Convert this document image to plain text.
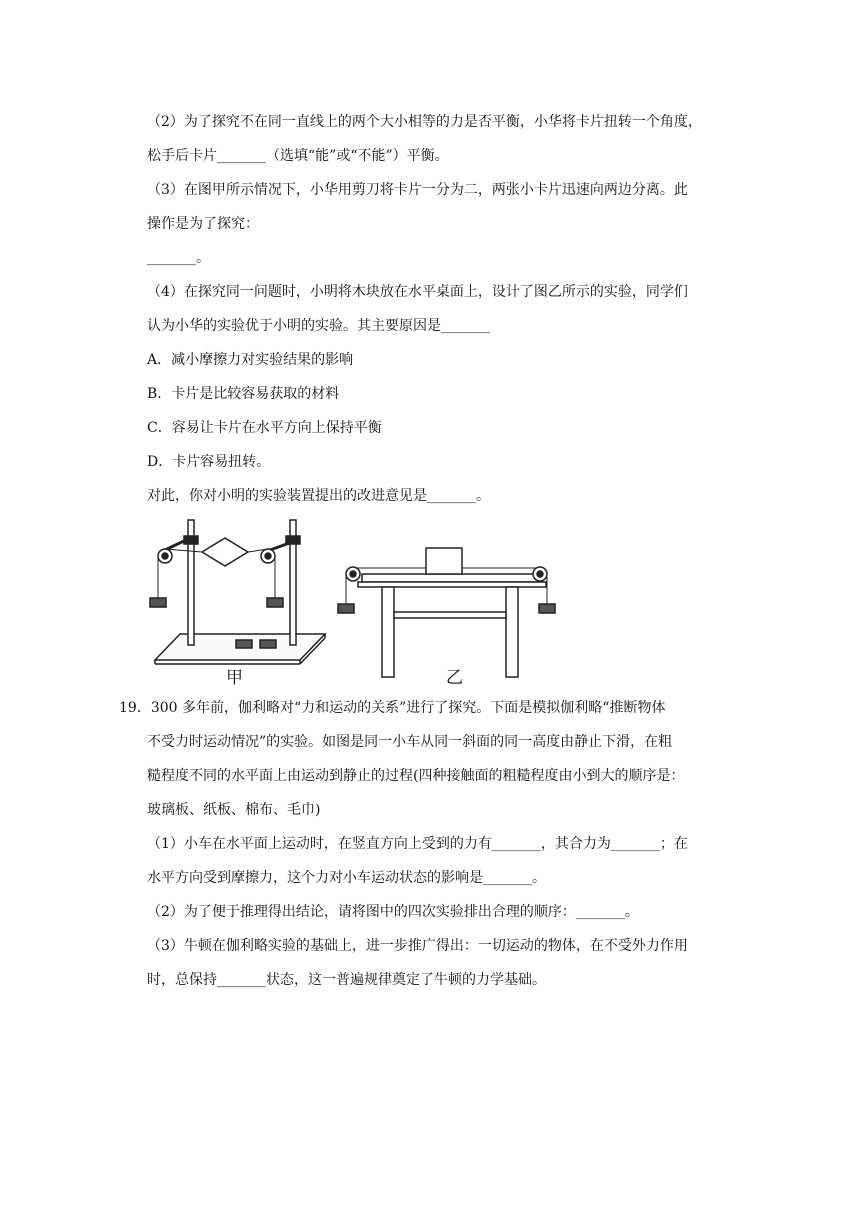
（2）为了探究不在同一直线上的两个大小相等的力是否平衡，小华将卡片扭转一个角度，
松手后卡片_______（选填“能”或“不能”）平衡。
（3）在图甲所示情况下，小华用剪刀将卡片一分为二，两张小卡片迅速向两边分离。此
操作是为了探究：
_______。
（4）在探究同一问题时，小明将木块放在水平桌面上，设计了图乙所示的实验，同学们
认为小华的实验优于小明的实验。其主要原因是_______
A．减小摩擦力对实验结果的影响
B．卡片是比较容易获取的材料
C．容易让卡片在水平方向上保持平衡
D．卡片容易扭转。
对此，你对小明的实验装置提出的改进意见是_______。
甲	乙
19．300 多年前，伽利略对“力和运动的关系”进行了探究。下面是模拟伽利略“推断物体
不受力时运动情况”的实验。如图是同一小车从同一斜面的同一高度由静止下滑，在粗
糙程度不同的水平面上由运动到静止的过程(四种接触面的粗糙程度由小到大的顺序是：
玻璃板、纸板、棉布、毛巾)
（1）小车在水平面上运动时，在竖直方向上受到的力有_______，其合力为_______；在
水平方向受到摩擦力，这个力对小车运动状态的影响是_______。
（2）为了便于推理得出结论，请将图中的四次实验排出合理的顺序：_______。
（3）牛顿在伽利略实验的基础上，进一步推广得出：一切运动的物体，在不受外力作用
时，总保持_______状态，这一普遍规律奠定了牛顿的力学基础。
